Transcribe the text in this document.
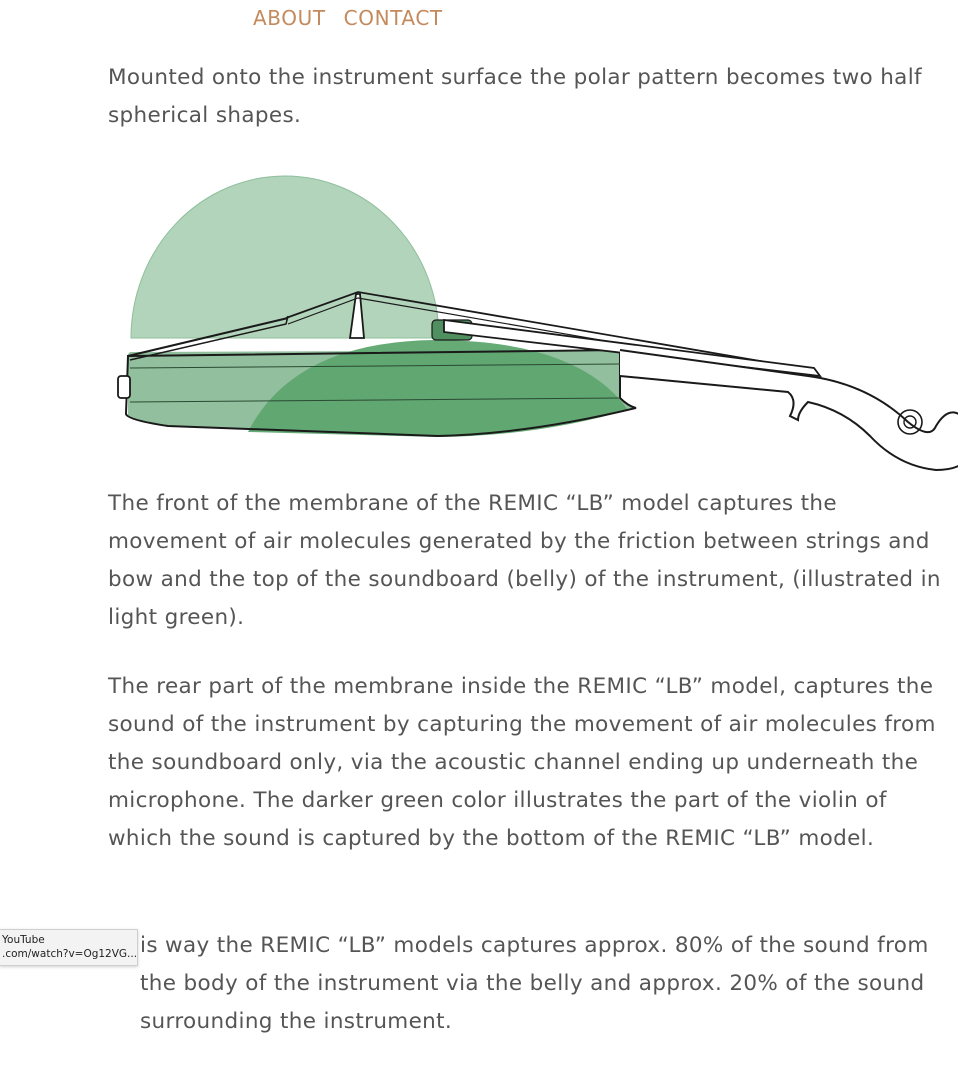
ABOUT CONTACT

Mounted onto the instrument surface the polar pattern becomes two half spherical shapes.

The front of the membrane of the REMIC “LB” model captures the movement of air molecules generated by the friction between strings and bow and the top of the soundboard (belly) of the instrument, (illustrated in light green).

The rear part of the membrane inside the REMIC “LB” model, captures the sound of the instrument by capturing the movement of air molecules from the soundboard only, via the acoustic channel ending up underneath the microphone. The darker green color illustrates the part of the violin of which the sound is captured by the bottom of the REMIC “LB” model.

is way the REMIC “LB” models captures approx. 80% of the sound from the body of the instrument via the belly and approx. 20% of the sound surrounding the instrument.

YouTube
.com/watch?v=Og12VG...
